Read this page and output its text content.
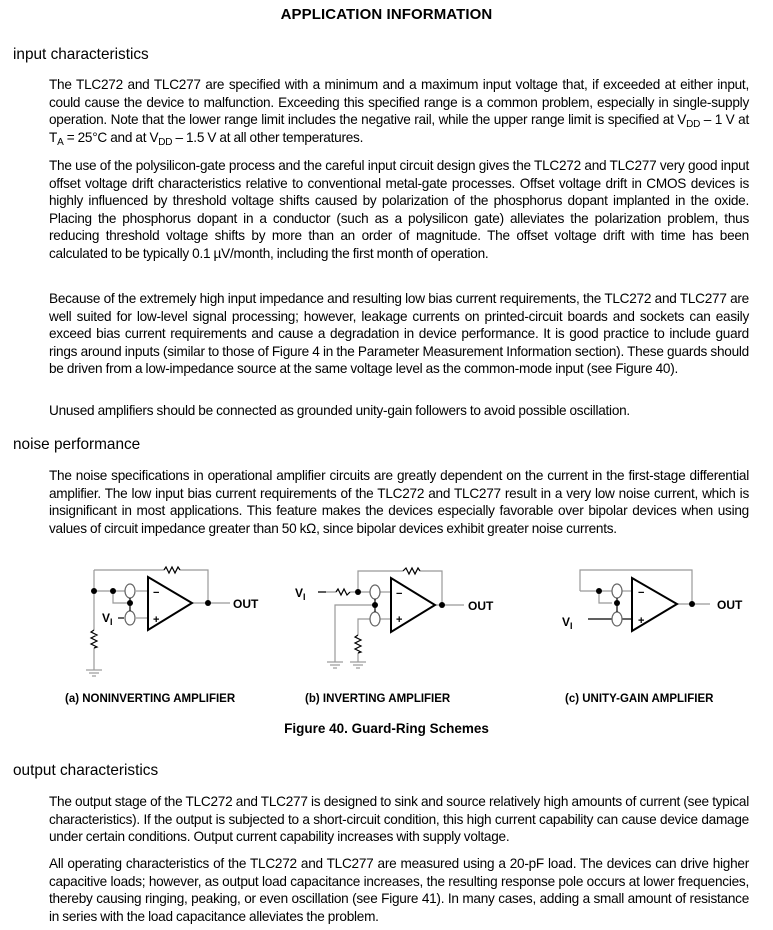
APPLICATION INFORMATION
input characteristics
The TLC272 and TLC277 are specified with a minimum and a maximum input voltage that, if exceeded at either input, could cause the device to malfunction. Exceeding this specified range is a common problem, especially in single-supply operation. Note that the lower range limit includes the negative rail, while the upper range limit is specified at $V_{DD} - 1$ V at $T_A = 25^\circ C$ and at $V_{DD} - 1.5$ V at all other temperatures.
The use of the polysilicon-gate process and the careful input circuit design gives the TLC272 and TLC277 very good input offset voltage drift characteristics relative to conventional metal-gate processes. Offset voltage drift in CMOS devices is highly influenced by threshold voltage shifts caused by polarization of the phosphorus dopant implanted in the oxide. Placing the phosphorus dopant in a conductor (such as a polysilicon gate) alleviates the polarization problem, thus reducing threshold voltage shifts by more than an order of magnitude. The offset voltage drift with time has been calculated to be typically 0.1 µV/month, including the first month of operation.
Because of the extremely high input impedance and resulting low bias current requirements, the TLC272 and TLC277 are well suited for low-level signal processing; however, leakage currents on printed-circuit boards and sockets can easily exceed bias current requirements and cause a degradation in device performance. It is good practice to include guard rings around inputs (similar to those of Figure 4 in the Parameter Measurement Information section). These guards should be driven from a low-impedance source at the same voltage level as the common-mode input (see Figure 40).
Unused amplifiers should be connected as grounded unity-gain followers to avoid possible oscillation.
noise performance
The noise specifications in operational amplifier circuits are greatly dependent on the current in the first-stage differential amplifier. The low input bias current requirements of the TLC272 and TLC277 result in a very low noise current, which is insignificant in most applications. This feature makes the devices especially favorable over bipolar devices when using values of circuit impedance greater than 50 kΩ, since bipolar devices exhibit greater noise currents.
−
+
V I
OUT
−
+
V I
OUT
−
+
V I
OUT
(a) NONINVERTING AMPLIFIER	(b) INVERTING AMPLIFIER	(c) UNITY-GAIN AMPLIFIER
Figure 40. Guard-Ring Schemes
output characteristics
The output stage of the TLC272 and TLC277 is designed to sink and source relatively high amounts of current (see typical characteristics). If the output is subjected to a short-circuit condition, this high current capability can cause device damage under certain conditions. Output current capability increases with supply voltage.
All operating characteristics of the TLC272 and TLC277 are measured using a 20-pF load. The devices can drive higher capacitive loads; however, as output load capacitance increases, the resulting response pole occurs at lower frequencies, thereby causing ringing, peaking, or even oscillation (see Figure 41). In many cases, adding a small amount of resistance in series with the load capacitance alleviates the problem.
